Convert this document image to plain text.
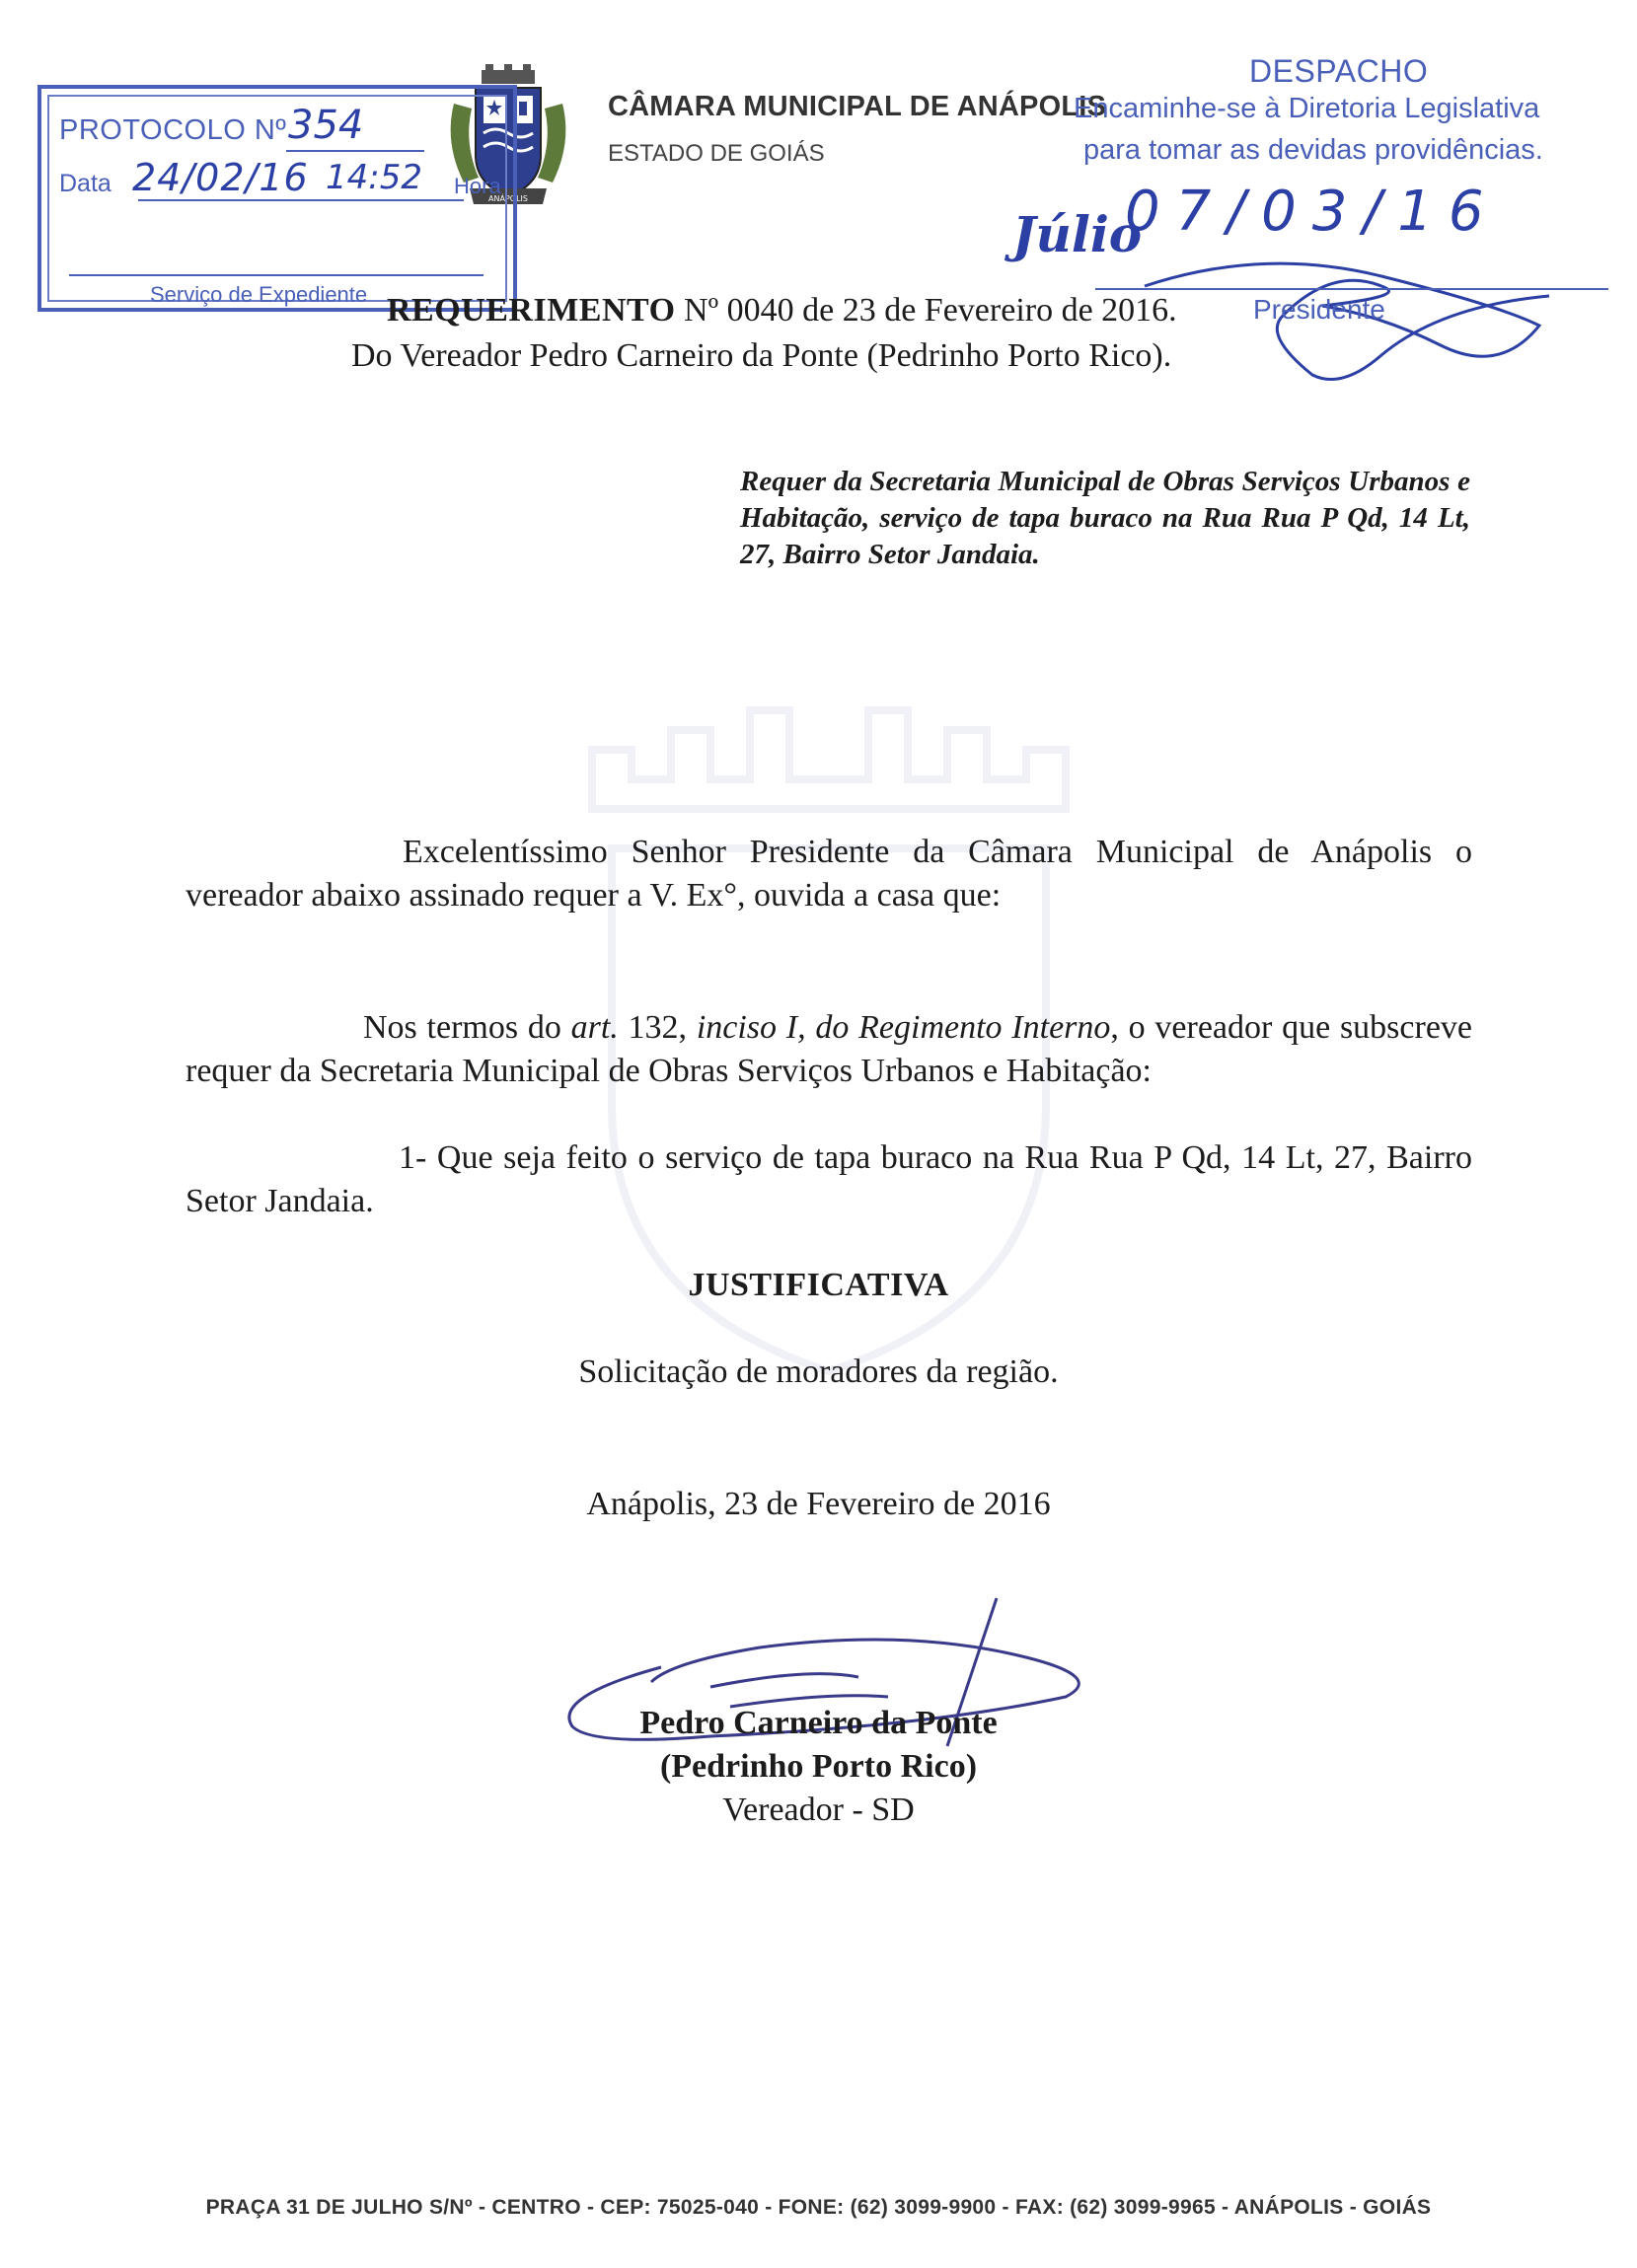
ANÁPOLIS
CÂMARA MUNICIPAL DE ANÁPOLIS
ESTADO DE GOIÁS
PROTOCOLO Nº 354
Data 24/02/16 14:52 Hora
Júlio
Serviço de Expediente
DESPACHO
Encaminhe-se à Diretoria Legislativa
para tomar as devidas providências.
07/03/16
Presidente
REQUERIMENTO Nº 0040 de 23 de Fevereiro de 2016.
Do Vereador Pedro Carneiro da Ponte (Pedrinho Porto Rico).
Requer da Secretaria Municipal de Obras Serviços Urbanos e Habitação, serviço de tapa buraco na Rua Rua P Qd, 14 Lt, 27, Bairro Setor Jandaia.
Excelentíssimo Senhor Presidente da Câmara Municipal de Anápolis o vereador abaixo assinado requer a V. Ex°, ouvida a casa que:
Nos termos do art. 132, inciso I, do Regimento Interno, o vereador que subscreve requer da Secretaria Municipal de Obras Serviços Urbanos e Habitação:
1- Que seja feito o serviço de tapa buraco na Rua Rua P Qd, 14 Lt, 27, Bairro Setor Jandaia.
JUSTIFICATIVA
Solicitação de moradores da região.
Anápolis, 23 de Fevereiro de 2016
Pedro Carneiro da Ponte
(Pedrinho Porto Rico)
Vereador - SD
PRAÇA 31 DE JULHO S/Nº - CENTRO - CEP: 75025-040 - FONE: (62) 3099-9900 - FAX: (62) 3099-9965 - ANÁPOLIS - GOIÁS
